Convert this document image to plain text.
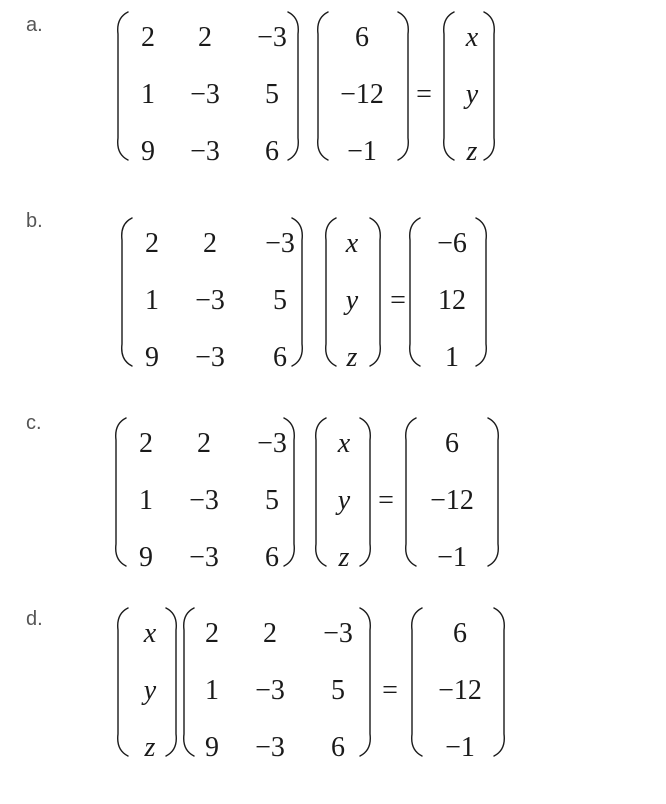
a.
b.
c.
d.
2 2 −3
1 −3 5
9 −3 6
6
−12
−1
x
y
z
=
2 2 −3
1 −3 5
9 −3 6
x
y
z
−6
12
1
=
2 2 −3
1 −3 5
9 −3 6
x
y
z
6
−12
−1
=
x
y
z
2 2 −3
1 −3 5
9 −3 6
6
−12
−1
=
